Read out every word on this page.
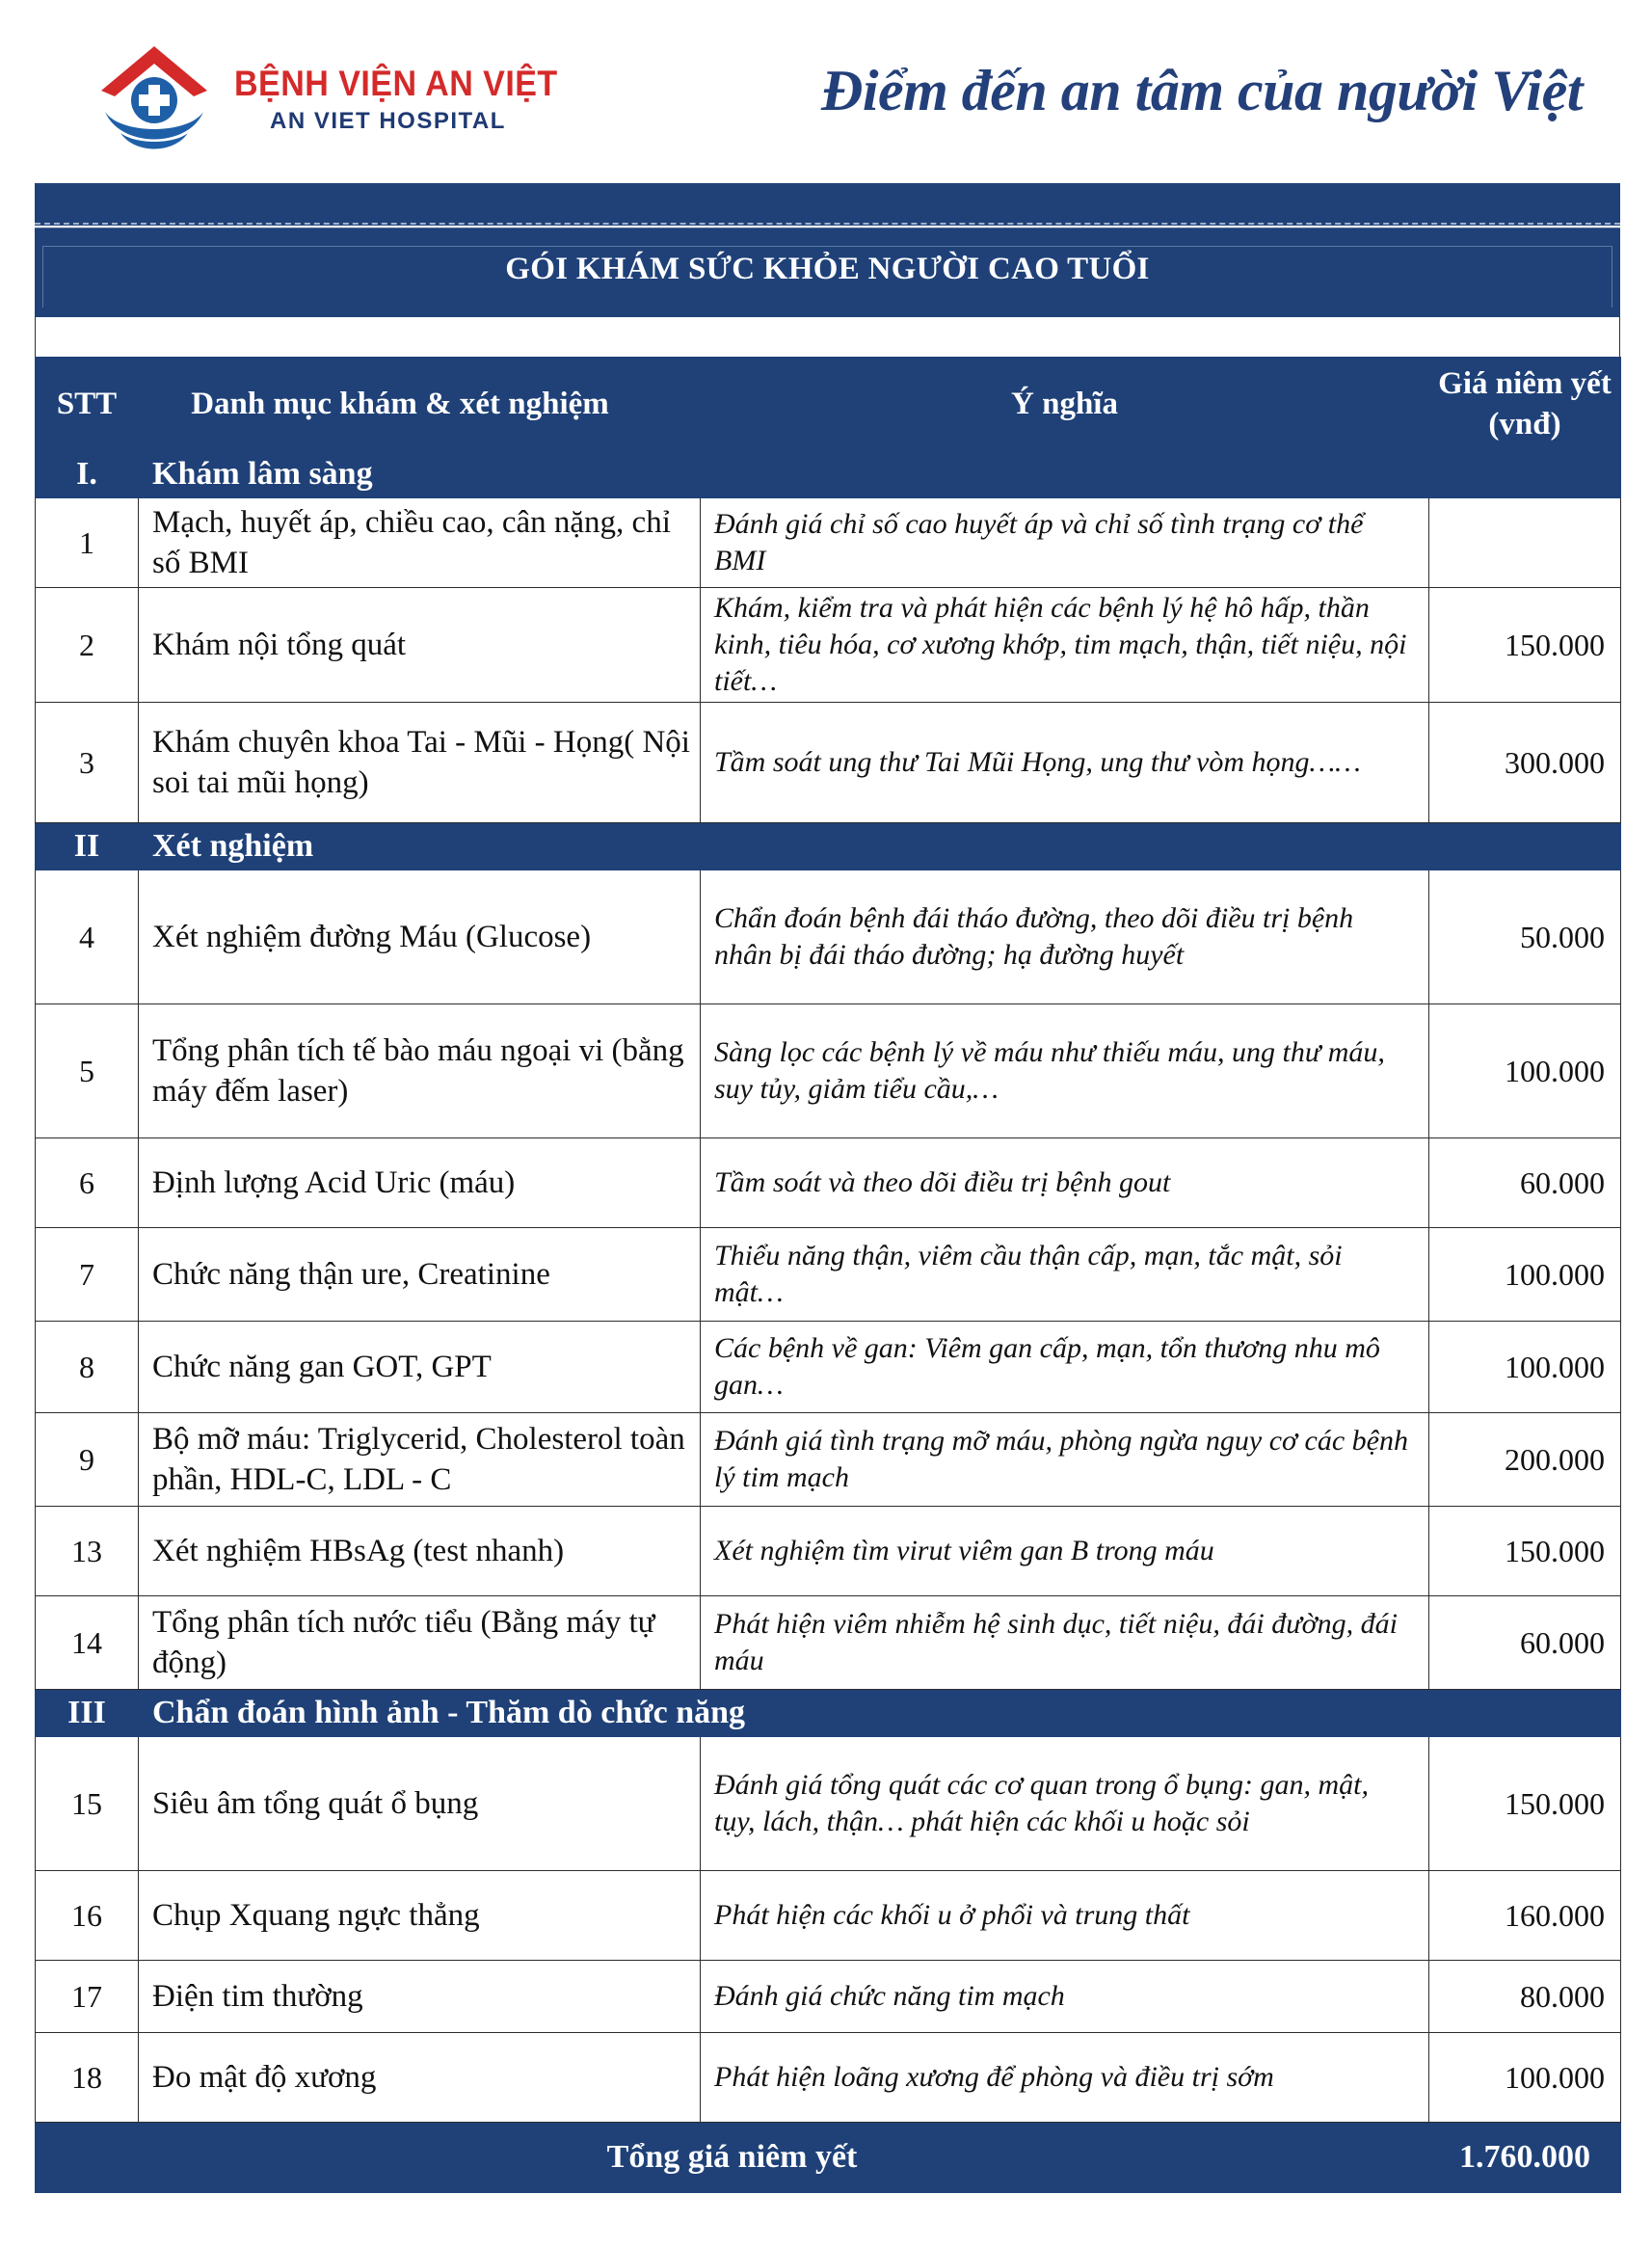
BỆNH VIỆN AN VIỆT
AN VIET HOSPITAL	Điểm đến an tâm của người Việt
GÓI KHÁM SỨC KHỎE NGƯỜI CAO TUỔI
STT	Danh mục khám & xét nghiệm	Ý nghĩa	Giá niêm yết (vnđ)
I.	Khám lâm sàng		
1	Mạch, huyết áp, chiều cao, cân nặng, chỉ số BMI	Đánh giá chỉ số cao huyết áp và chỉ số tình trạng cơ thể BMI	
2	Khám nội tổng quát	Khám, kiểm tra và phát hiện các bệnh lý hệ hô hấp, thần kinh, tiêu hóa, cơ xương khớp, tim mạch, thận, tiết niệu, nội tiết…	150.000
3	Khám chuyên khoa Tai - Mũi - Họng( Nội soi tai mũi họng)	Tầm soát ung thư Tai Mũi Họng, ung thư vòm họng……	300.000
II	Xét nghiệm		
4	Xét nghiệm đường Máu (Glucose)	Chẩn đoán bệnh đái tháo đường, theo dõi điều trị bệnh nhân bị đái tháo đường; hạ đường huyết	50.000
5	Tổng phân tích tế bào máu ngoại vi (bằng máy đếm laser)	Sàng lọc các bệnh lý về máu như thiếu máu, ung thư máu, suy tủy, giảm tiểu cầu,…	100.000
6	Định lượng Acid Uric (máu)	Tầm soát và theo dõi điều trị bệnh gout	60.000
7	Chức năng thận ure, Creatinine	Thiểu năng thận, viêm cầu thận cấp, mạn, tắc mật, sỏi mật…	100.000
8	Chức năng gan GOT, GPT	Các bệnh về gan: Viêm gan cấp, mạn, tổn thương nhu mô gan…	100.000
9	Bộ mỡ máu: Triglycerid, Cholesterol toàn phần, HDL-C, LDL - C	Đánh giá tình trạng mỡ máu, phòng ngừa nguy cơ các bệnh lý tim mạch	200.000
13	Xét nghiệm HBsAg (test nhanh)	Xét nghiệm tìm virut viêm gan B trong máu	150.000
14	Tổng phân tích nước tiểu (Bằng máy tự động)	Phát hiện viêm nhiễm hệ sinh dục, tiết niệu, đái đường, đái máu	60.000
III	Chẩn đoán hình ảnh - Thăm dò chức năng		
15	Siêu âm tổng quát ổ bụng	Đánh giá tổng quát các cơ quan trong ổ bụng: gan, mật, tụy, lách, thận… phát hiện các khối u hoặc sỏi	150.000
16	Chụp Xquang ngực thẳng	Phát hiện các khối u ở phổi và trung thất	160.000
17	Điện tim thường	Đánh giá chức năng tim mạch	80.000
18	Đo mật độ xương	Phát hiện loãng xương để phòng và điều trị sớm	100.000
Tổng giá niêm yết			1.760.000
